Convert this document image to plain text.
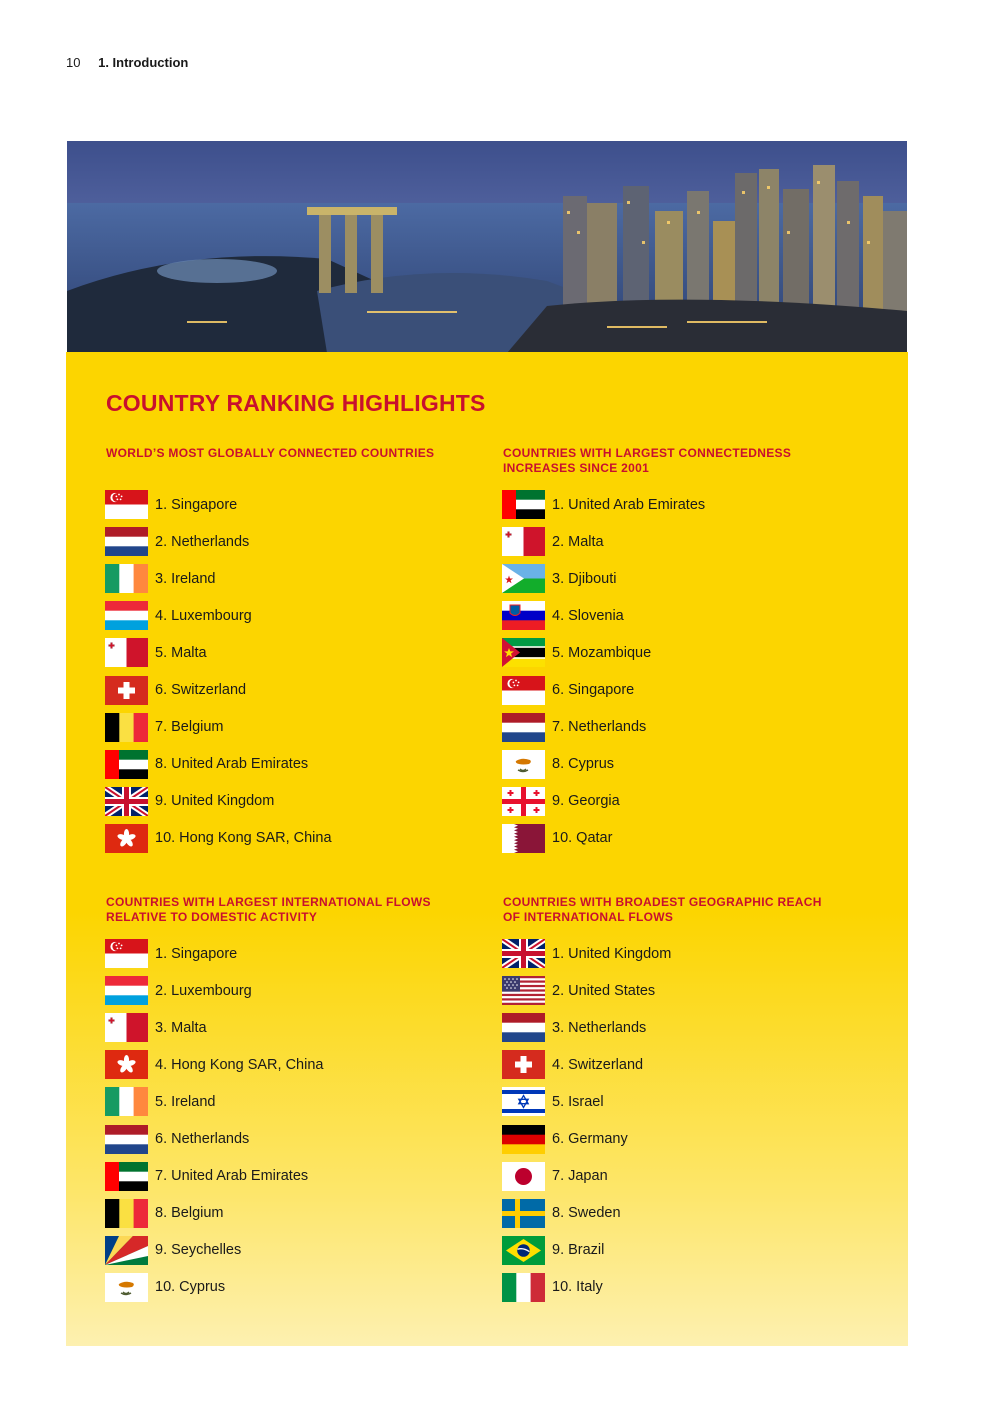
10 1. Introduction
COUNTRY RANKING HIGHLIGHTS
WORLD’S MOST GLOBALLY CONNECTED COUNTRIES
1. Singapore
2. Netherlands
3. Ireland
4. Luxembourg
5. Malta
6. Switzerland
7. Belgium
8. United Arab Emirates
9. United Kingdom
10. Hong Kong SAR, China
COUNTRIES WITH LARGEST CONNECTEDNESS INCREASES SINCE 2001
1. United Arab Emirates
2. Malta
3. Djibouti
4. Slovenia
5. Mozambique
6. Singapore
7. Netherlands
8. Cyprus
9. Georgia
10. Qatar
COUNTRIES WITH LARGEST INTERNATIONAL FLOWS RELATIVE TO DOMESTIC ACTIVITY
1. Singapore
2. Luxembourg
3. Malta
4. Hong Kong SAR, China
5. Ireland
6. Netherlands
7. United Arab Emirates
8. Belgium
9. Seychelles
10. Cyprus
COUNTRIES WITH BROADEST GEOGRAPHIC REACH OF INTERNATIONAL FLOWS
1. United Kingdom
2. United States
3. Netherlands
4. Switzerland
5. Israel
6. Germany
7. Japan
8. Sweden
9. Brazil
10. Italy
